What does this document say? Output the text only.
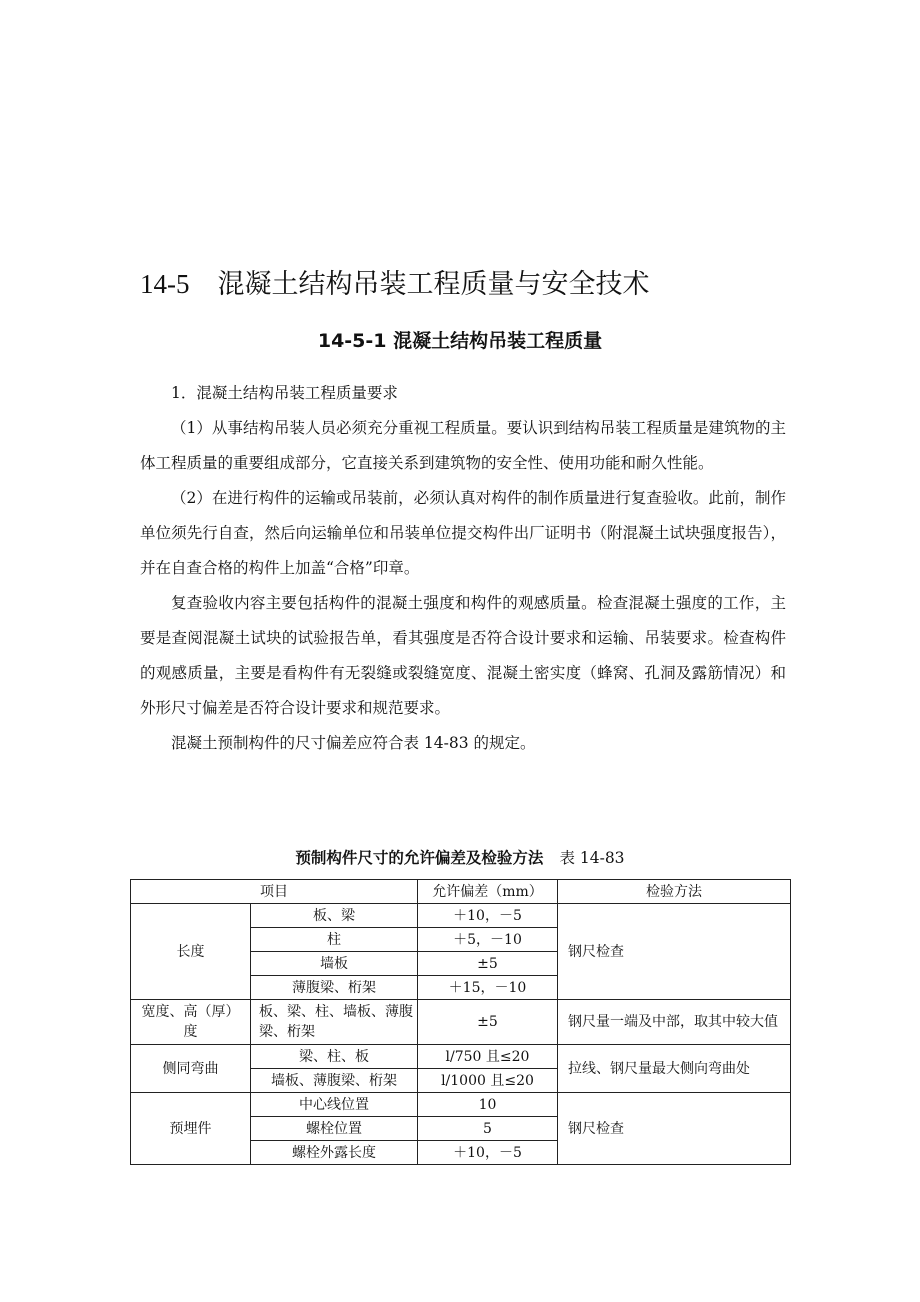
14-5 混凝土结构吊装工程质量与安全技术
14-5-1 混凝土结构吊装工程质量

1．混凝土结构吊装工程质量要求

（1）从事结构吊装人员必须充分重视工程质量。要认识到结构吊装工程质量是建筑物的主体工程质量的重要组成部分，它直接关系到建筑物的安全性、使用功能和耐久性能。

（2）在进行构件的运输或吊装前，必须认真对构件的制作质量进行复查验收。此前，制作单位须先行自查，然后向运输单位和吊装单位提交构件出厂证明书（附混凝土试块强度报告），并在自查合格的构件上加盖“合格”印章。

复查验收内容主要包括构件的混凝土强度和构件的观感质量。检查混凝土强度的工作，主要是查阅混凝土试块的试验报告单，看其强度是否符合设计要求和运输、吊装要求。检查构件的观感质量，主要是看构件有无裂缝或裂缝宽度、混凝土密实度（蜂窝、孔洞及露筋情况）和外形尺寸偏差是否符合设计要求和规范要求。

混凝土预制构件的尺寸偏差应符合表 14-83 的规定。

预制构件尺寸的允许偏差及检验方法 表 14-83
项目		允许偏差（mm）	检验方法
长度	板、梁	＋10，－5	钢尺检查
	柱	＋5，－10	
	墙板	±5	
	薄腹梁、桁架	＋15，－10	
宽度、高（厚）度	板、梁、柱、墙板、薄腹梁、桁架	±5	钢尺量一端及中部，取其中较大值
侧同弯曲	梁、柱、板	l/750 且≤20	拉线、钢尺量最大侧向弯曲处
	墙板、薄腹梁、桁架	l/1000 且≤20	
预埋件	中心线位置	10	钢尺检查
	螺栓位置	5	
	螺栓外露长度	＋10，－5	
